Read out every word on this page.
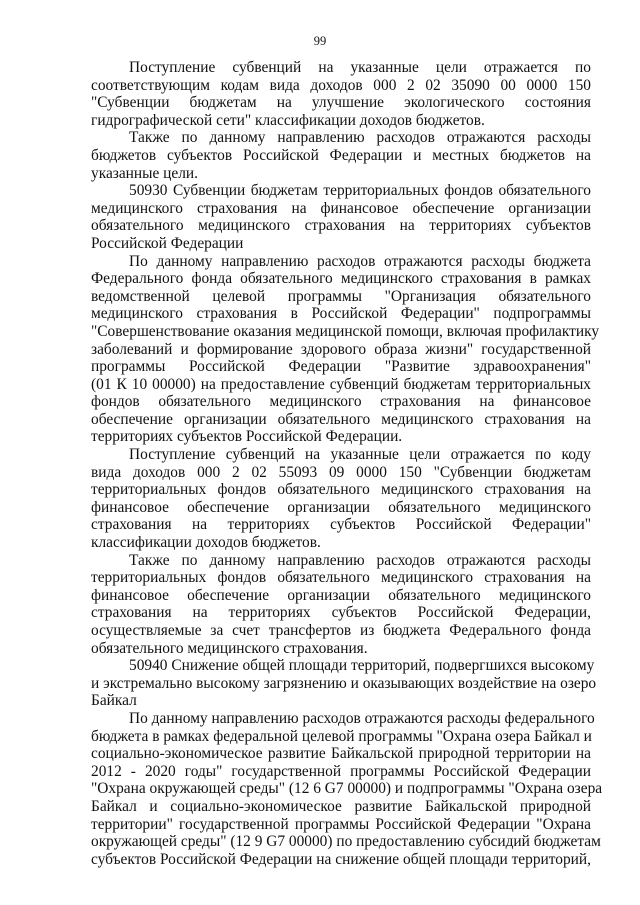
99
Поступление субвенций на указанные цели отражается по
соответствующим кодам вида доходов 000 2 02 35090 00 0000 150
"Субвенции бюджетам на улучшение экологического состояния
гидрографической сети" классификации доходов бюджетов.
Также по данному направлению расходов отражаются расходы
бюджетов субъектов Российской Федерации и местных бюджетов на
указанные цели.
50930 Субвенции бюджетам территориальных фондов обязательного
медицинского страхования на финансовое обеспечение организации
обязательного медицинского страхования на территориях субъектов
Российской Федерации
По данному направлению расходов отражаются расходы бюджета
Федерального фонда обязательного медицинского страхования в рамках
ведомственной целевой программы "Организация обязательного
медицинского страхования в Российской Федерации" подпрограммы
"Совершенствование оказания медицинской помощи, включая профилактику
заболеваний и формирование здорового образа жизни" государственной
программы Российской Федерации "Развитие здравоохранения"
(01 К 10 00000) на предоставление субвенций бюджетам территориальных
фондов обязательного медицинского страхования на финансовое
обеспечение организации обязательного медицинского страхования на
территориях субъектов Российской Федерации.
Поступление субвенций на указанные цели отражается по коду
вида доходов 000 2 02 55093 09 0000 150 "Субвенции бюджетам
территориальных фондов обязательного медицинского страхования на
финансовое обеспечение организации обязательного медицинского
страхования на территориях субъектов Российской Федерации"
классификации доходов бюджетов.
Также по данному направлению расходов отражаются расходы
территориальных фондов обязательного медицинского страхования на
финансовое обеспечение организации обязательного медицинского
страхования на территориях субъектов Российской Федерации,
осуществляемые за счет трансфертов из бюджета Федерального фонда
обязательного медицинского страхования.
50940 Снижение общей площади территорий, подвергшихся высокому
и экстремально высокому загрязнению и оказывающих воздействие на озеро
Байкал
По данному направлению расходов отражаются расходы федерального
бюджета в рамках федеральной целевой программы "Охрана озера Байкал и
социально-экономическое развитие Байкальской природной территории на
2012 - 2020 годы" государственной программы Российской Федерации
"Охрана окружающей среды" (12 6 G7 00000) и подпрограммы "Охрана озера
Байкал и социально-экономическое развитие Байкальской природной
территории" государственной программы Российской Федерации "Охрана
окружающей среды" (12 9 G7 00000) по предоставлению субсидий бюджетам
субъектов Российской Федерации на снижение общей площади территорий,
